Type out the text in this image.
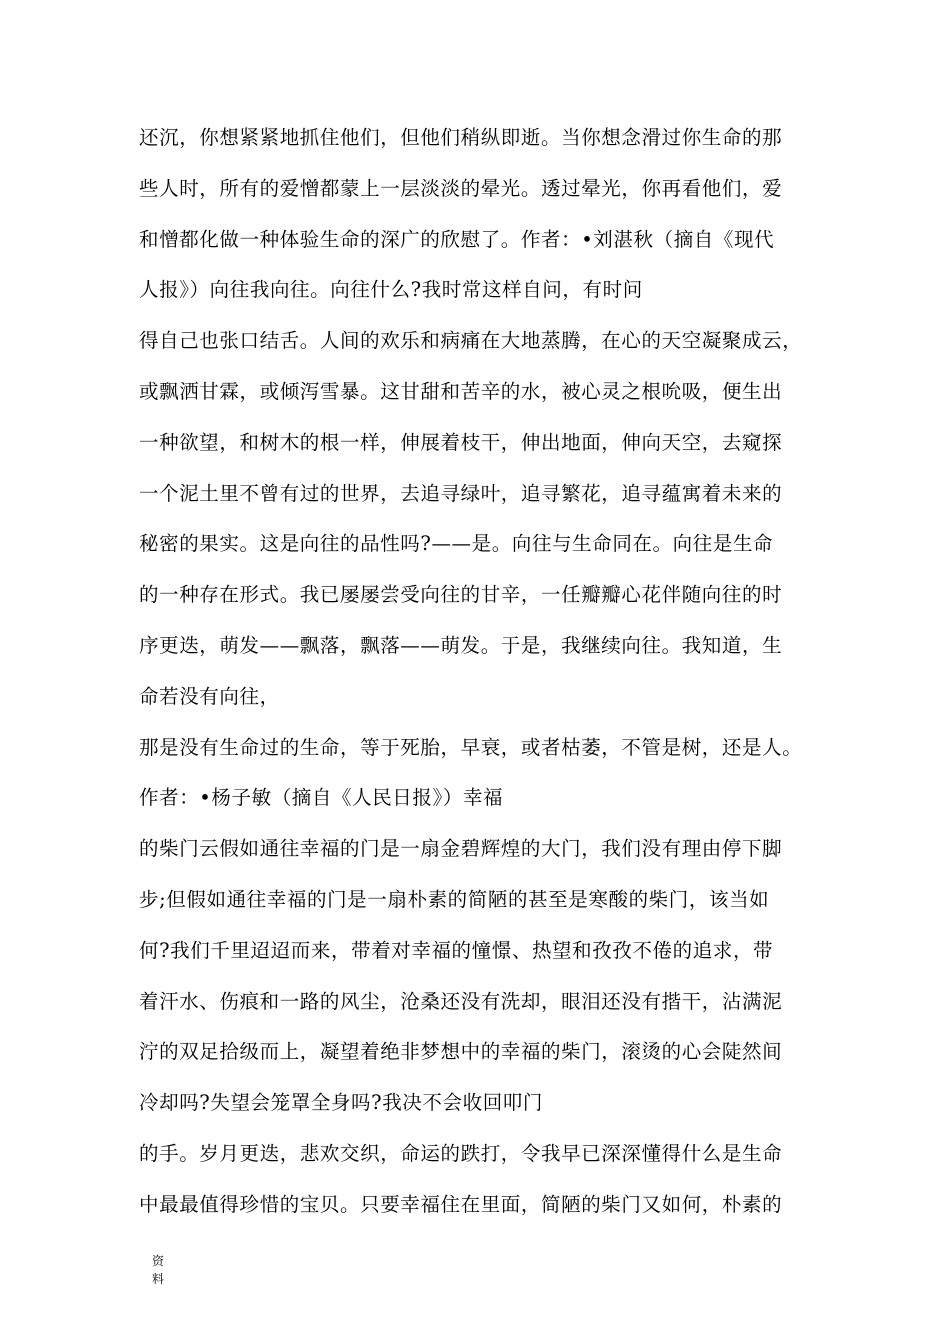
还沉，你想紧紧地抓住他们，但他们稍纵即逝。当你想念滑过你生命的那
些人时，所有的爱憎都蒙上一层淡淡的晕光。透过晕光，你再看他们，爱
和憎都化做一种体验生命的深广的欣慰了。作者：•刘湛秋（摘自《现代
人报》）向往我向往。向往什么?我时常这样自问，有时问
得自己也张口结舌。人间的欢乐和病痛在大地蒸腾，在心的天空凝聚成云，
或飘洒甘霖，或倾泻雪暴。这甘甜和苦辛的水，被心灵之根吮吸，便生出
一种欲望，和树木的根一样，伸展着枝干，伸出地面，伸向天空，去窥探
一个泥土里不曾有过的世界，去追寻绿叶，追寻繁花，追寻蕴寓着未来的
秘密的果实。这是向往的品性吗?——是。向往与生命同在。向往是生命
的一种存在形式。我已屡屡尝受向往的甘辛，一任瓣瓣心花伴随向往的时
序更迭，萌发——飘落，飘落——萌发。于是，我继续向往。我知道，生
命若没有向往，
那是没有生命过的生命，等于死胎，早衰，或者枯萎，不管是树，还是人。
作者：•杨子敏（摘自《人民日报》）幸福
的柴门云假如通往幸福的门是一扇金碧辉煌的大门，我们没有理由停下脚
步;但假如通往幸福的门是一扇朴素的简陋的甚至是寒酸的柴门，该当如
何?我们千里迢迢而来，带着对幸福的憧憬、热望和孜孜不倦的追求，带
着汗水、伤痕和一路的风尘，沧桑还没有洗却，眼泪还没有揩干，沾满泥
泞的双足拾级而上，凝望着绝非梦想中的幸福的柴门，滚烫的心会陡然间
冷却吗?失望会笼罩全身吗?我决不会收回叩门
的手。岁月更迭，悲欢交织，命运的跌打，令我早已深深懂得什么是生命
中最最值得珍惜的宝贝。只要幸福住在里面，简陋的柴门又如何，朴素的
资
料
